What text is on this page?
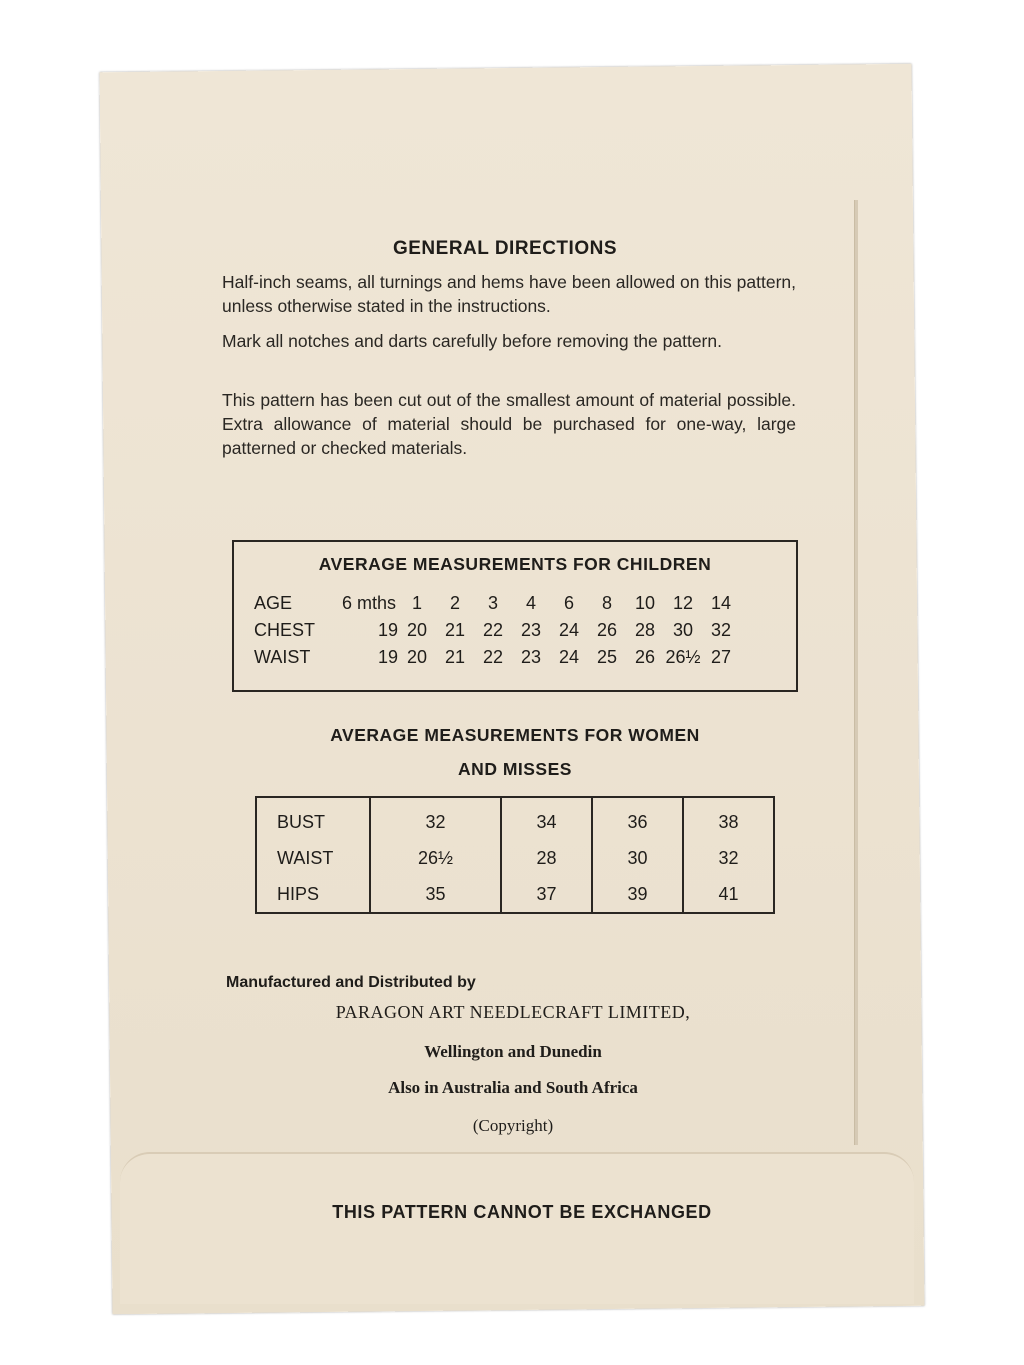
GENERAL DIRECTIONS

Half-inch seams, all turnings and hems have been allowed on this pattern, unless otherwise stated in the instructions.

Mark all notches and darts carefully before removing the pattern.

This pattern has been cut out of the smallest amount of material possible. Extra allowance of material should be purchased for one-way, large patterned or checked materials.

AVERAGE MEASUREMENTS FOR CHILDREN
AGE	6 mths	1	2	3	4	6	8	10	12	14
CHEST	19	20	21	22	23	24	26	28	30	32
WAIST	19	20	21	22	23	24	25	26	26½	27
AVERAGE MEASUREMENTS FOR WOMEN
AND MISSES
BUST	32	34	36	38
WAIST	26½	28	30	32
HIPS	35	37	39	41
Manufactured and Distributed by
PARAGON ART NEEDLECRAFT LIMITED,
Wellington and Dunedin
Also in Australia and South Africa
(Copyright)
THIS PATTERN CANNOT BE EXCHANGED
